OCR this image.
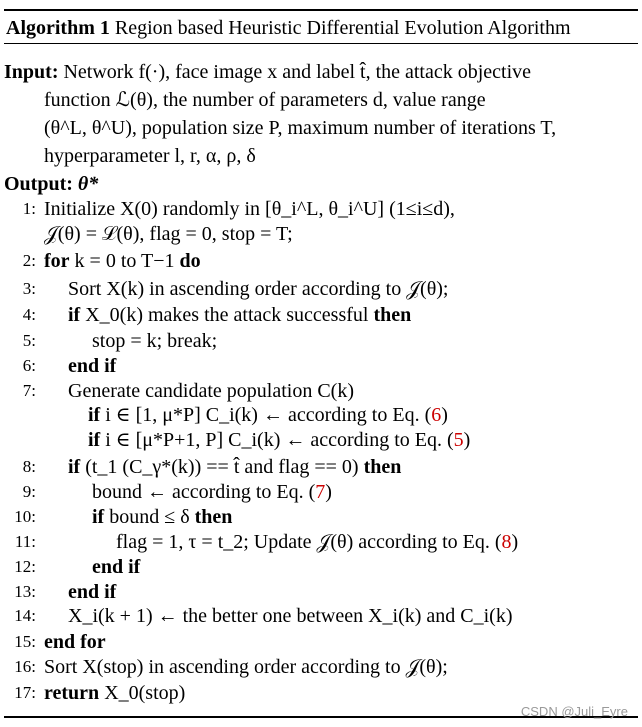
Algorithm 1 Region based Heuristic Differential Evolution Algorithm
Input: Network f(·), face image x and label t̂, the attack objective
function ℒ(θ), the number of parameters d, value range
(θ^L, θ^U), population size P, maximum number of iterations T,
hyperparameter l, r, α, ρ, δ
Output: θ*
1: Initialize X(0) randomly in [θ_i^L, θ_i^U] (1≤i≤d),
𝒥(θ) = ℒ(θ), flag = 0, stop = T;
2: for k = 0 to T−1 do
3: Sort X(k) in ascending order according to 𝒥(θ);
4: if X_0(k) makes the attack successful then
5:	stop = k; break;
6: end if
7: Generate candidate population C(k)
if i ∈ [1, μ*P] C_i(k) ← according to Eq. (6)
if i ∈ [μ*P+1, P] C_i(k) ← according to Eq. (5)
8: if (t_1 (C_γ*(k)) == t̂ and flag == 0) then
9:	bound ← according to Eq. (7)
10:	if bound ≤ δ then
11:	flag = 1, τ = t_2; Update 𝒥(θ) according to Eq. (8)
12:	end if
13: end if
14: X_i(k + 1) ← the better one between X_i(k) and C_i(k)
15: end for
16: Sort X(stop) in ascending order according to 𝒥(θ);
17: return X_0(stop)
CSDN @Juli_Eyre
